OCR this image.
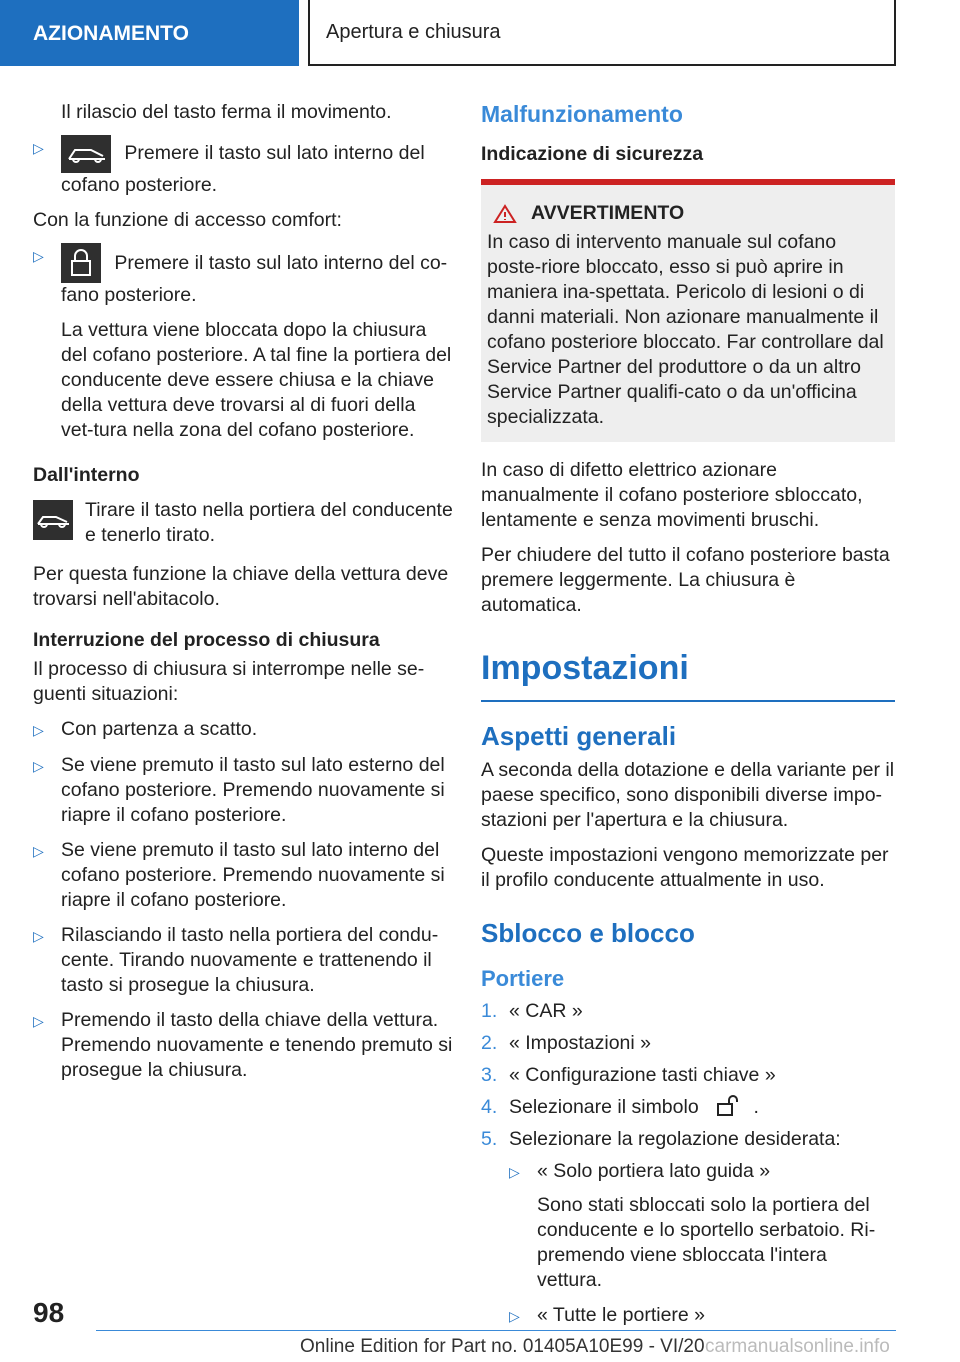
AZIONAMENTO	Apertura e chiusura

Il rilascio del tasto ferma il movimento.

▷	Premere il tasto sul lato interno del cofano posteriore.

Con la funzione di accesso comfort:

▷	Premere il tasto sul lato interno del co-fano posteriore.

La vettura viene bloccata dopo la chiusura del cofano posteriore. A tal fine la portiera del conducente deve essere chiusa e la chiave della vettura deve trovarsi al di fuori della vet-tura nella zona del cofano posteriore.

Dall'interno

Tirare il tasto nella portiera del conducente e tenerlo tirato.

Per questa funzione la chiave della vettura deve trovarsi nell'abitacolo.

Interruzione del processo di chiusura

Il processo di chiusura si interrompe nelle se-guenti situazioni:

▷ Con partenza a scatto.
▷ Se viene premuto il tasto sul lato esterno del cofano posteriore. Premendo nuovamente si riapre il cofano posteriore.
▷ Se viene premuto il tasto sul lato interno del cofano posteriore. Premendo nuovamente si riapre il cofano posteriore.
▷ Rilasciando il tasto nella portiera del condu-cente. Tirando nuovamente e trattenendo il tasto si prosegue la chiusura.
▷ Premendo il tasto della chiave della vettura. Premendo nuovamente e tenendo premuto si prosegue la chiusura.
Malfunzionamento

Indicazione di sicurezza

AVVERTIMENTO
In caso di intervento manuale sul cofano poste-riore bloccato, esso si può aprire in maniera ina-spettata. Pericolo di lesioni o di danni materiali. Non azionare manualmente il cofano posteriore bloccato. Far controllare dal Service Partner del produttore o da un altro Service Partner qualifi-cato o da un'officina specializzata.

In caso di difetto elettrico azionare manualmente il cofano posteriore sbloccato, lentamente e senza movimenti bruschi.

Per chiudere del tutto il cofano posteriore basta premere leggermente. La chiusura è automatica.

Impostazioni
Aspetti generali

A seconda della dotazione e della variante per il paese specifico, sono disponibili diverse impo-stazioni per l'apertura e la chiusura.

Queste impostazioni vengono memorizzate per il profilo conducente attualmente in uso.

Sblocco e blocco
Portiere
1. « CAR »
2. « Impostazioni »
3. « Configurazione tasti chiave »
4. Selezionare il simbolo	.
5. Selezionare la regolazione desiderata:
▷ « Solo portiera lato guida »

Sono stati sbloccati solo la portiera del conducente e lo sportello serbatoio. Ri-premendo viene sbloccata l'intera vettura.

▷ « Tutte le portiere »
98
Online Edition for Part no. 01405A10E99 - VI/20 carmanualsonline.info
